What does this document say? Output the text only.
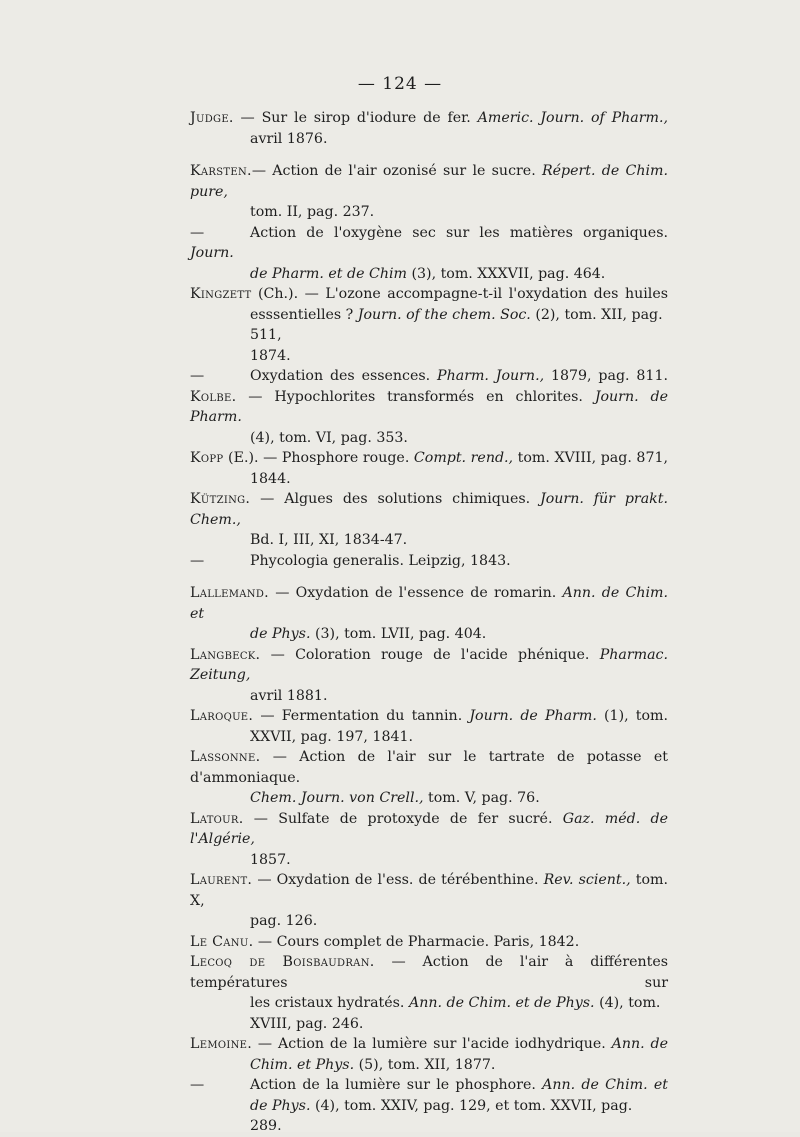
— 124 —

Judge. — Sur le sirop d'iodure de fer. Americ. Journ. of Pharm.,
avril 1876.

Karsten.— Action de l'air ozonisé sur le sucre. Répert. de Chim. pure,
tom. II, pag. 237.

—	Action de l'oxygène sec sur les matières organiques. Journ.
de Pharm. et de Chim (3), tom. XXXVII, pag. 464.

Kingzett (Ch.). — L'ozone accompagne-t-il l'oxydation des huiles
esssentielles ? Journ. of the chem. Soc. (2), tom. XII, pag. 511,
1874.

—	Oxydation des essences. Pharm. Journ., 1879, pag. 811.

Kolbe. — Hypochlorites transformés en chlorites. Journ. de Pharm.
(4), tom. VI, pag. 353.

Kopp (E.). — Phosphore rouge. Compt. rend., tom. XVIII, pag. 871,
1844.

Kützing. — Algues des solutions chimiques. Journ. für prakt. Chem.,
Bd. I, III, XI, 1834-47.

—	Phycologia generalis. Leipzig, 1843.

Lallemand. — Oxydation de l'essence de romarin. Ann. de Chim. et
de Phys. (3), tom. LVII, pag. 404.

Langbeck. — Coloration rouge de l'acide phénique. Pharmac. Zeitung,
avril 1881.

Laroque. — Fermentation du tannin. Journ. de Pharm. (1), tom.
XXVII, pag. 197, 1841.

Lassonne. — Action de l'air sur le tartrate de potasse et d'ammoniaque.
Chem. Journ. von Crell., tom. V, pag. 76.

Latour. — Sulfate de protoxyde de fer sucré. Gaz. méd. de l'Algérie,
1857.

Laurent. — Oxydation de l'ess. de térébenthine. Rev. scient., tom. X,
pag. 126.

Le Canu. — Cours complet de Pharmacie. Paris, 1842.

Lecoq de Boisbaudran. — Action de l'air à différentes températures sur
les cristaux hydratés. Ann. de Chim. et de Phys. (4), tom.
XVIII, pag. 246.

Lemoine. — Action de la lumière sur l'acide iodhydrique. Ann. de
Chim. et Phys. (5), tom. XII, 1877.

—	Action de la lumière sur le phosphore. Ann. de Chim. et
de Phys. (4), tom. XXIV, pag. 129, et tom. XXVII, pag. 289.
